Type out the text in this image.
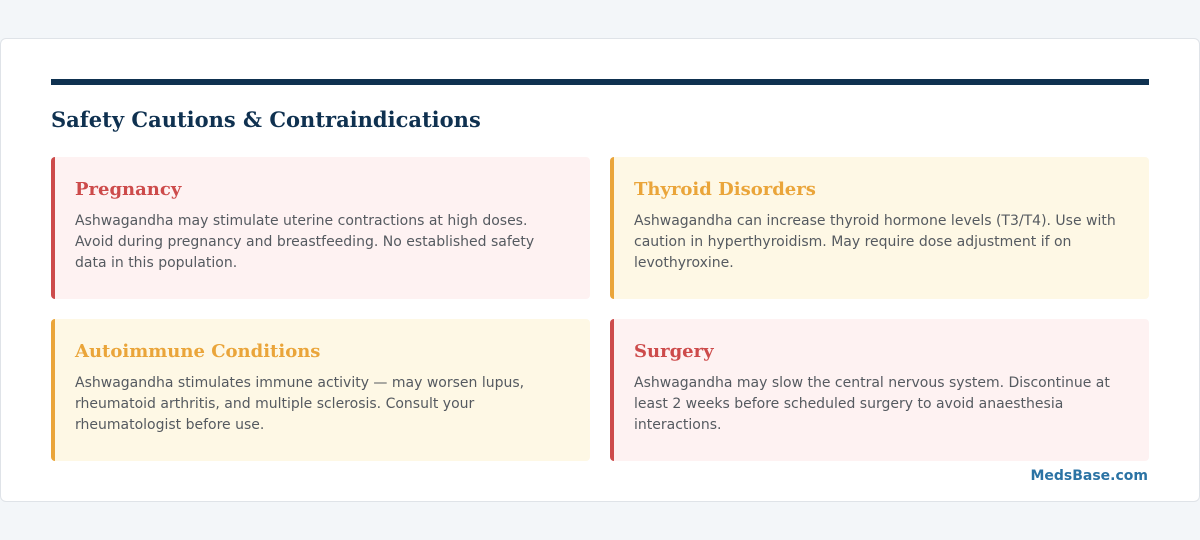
Safety Cautions & Contraindications
Pregnancy

Ashwagandha may stimulate uterine contractions at high doses. Avoid during pregnancy and breastfeeding. No established safety data in this population.

Thyroid Disorders

Ashwagandha can increase thyroid hormone levels (T3/T4). Use with caution in hyperthyroidism. May require dose adjustment if on levothyroxine.

Autoimmune Conditions

Ashwagandha stimulates immune activity — may worsen lupus, rheumatoid arthritis, and multiple sclerosis. Consult your rheumatologist before use.

Surgery

Ashwagandha may slow the central nervous system. Discontinue at least 2 weeks before scheduled surgery to avoid anaesthesia interactions.

MedsBase.com
